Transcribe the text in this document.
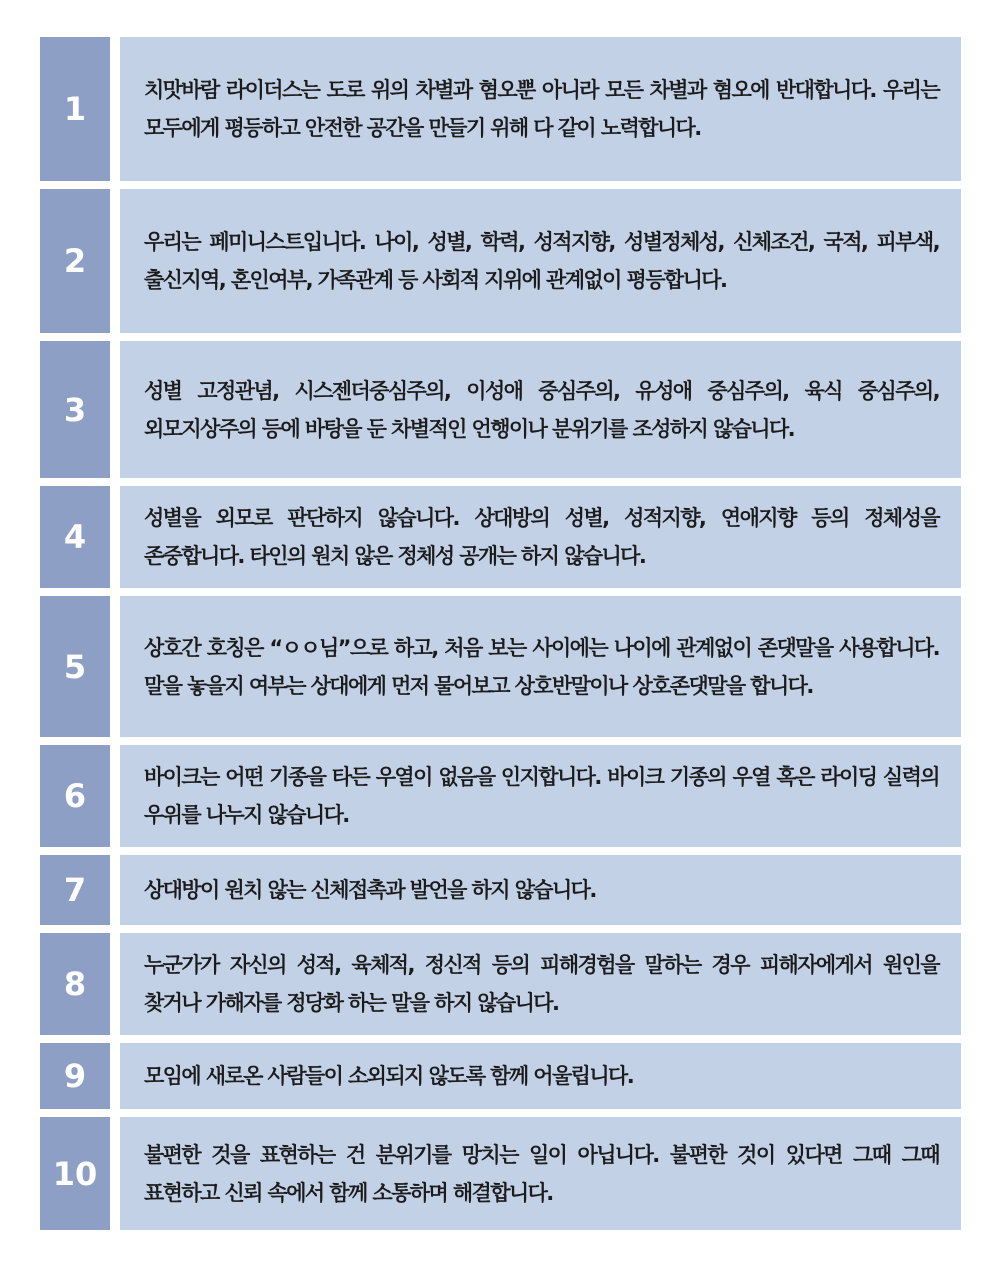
1	치맛바람 라이더스는 도로 위의 차별과 혐오뿐 아니라 모든 차별과 혐오에 반대합니다. 우리는 모두에게 평등하고 안전한 공간을 만들기 위해 다 같이 노력합니다.

2	우리는 페미니스트입니다. 나이, 성별, 학력, 성적지향, 성별정체성, 신체조건, 국적, 피부색, 출신지역, 혼인여부, 가족관계 등 사회적 지위에 관계없이 평등합니다.

3	성별 고정관념, 시스젠더중심주의, 이성애 중심주의, 유성애 중심주의, 육식 중심주의, 외모지상주의 등에 바탕을 둔 차별적인 언행이나 분위기를 조성하지 않습니다.

4	성별을 외모로 판단하지 않습니다. 상대방의 성별, 성적지향, 연애지향 등의 정체성을 존중합니다. 타인의 원치 않은 정체성 공개는 하지 않습니다.

5	상호간 호칭은 “ㅇㅇ님”으로 하고, 처음 보는 사이에는 나이에 관계없이 존댓말을 사용합니다. 말을 놓을지 여부는 상대에게 먼저 물어보고 상호반말이나 상호존댓말을 합니다.

6	바이크는 어떤 기종을 타든 우열이 없음을 인지합니다. 바이크 기종의 우열 혹은 라이딩 실력의 우위를 나누지 않습니다.

7	상대방이 원치 않는 신체접촉과 발언을 하지 않습니다.

8	누군가가 자신의 성적, 육체적, 정신적 등의 피해경험을 말하는 경우 피해자에게서 원인을 찾거나 가해자를 정당화 하는 말을 하지 않습니다.

9	모임에 새로온 사람들이 소외되지 않도록 함께 어울립니다.

10	불편한 것을 표현하는 건 분위기를 망치는 일이 아닙니다. 불편한 것이 있다면 그때 그때 표현하고 신뢰 속에서 함께 소통하며 해결합니다.
